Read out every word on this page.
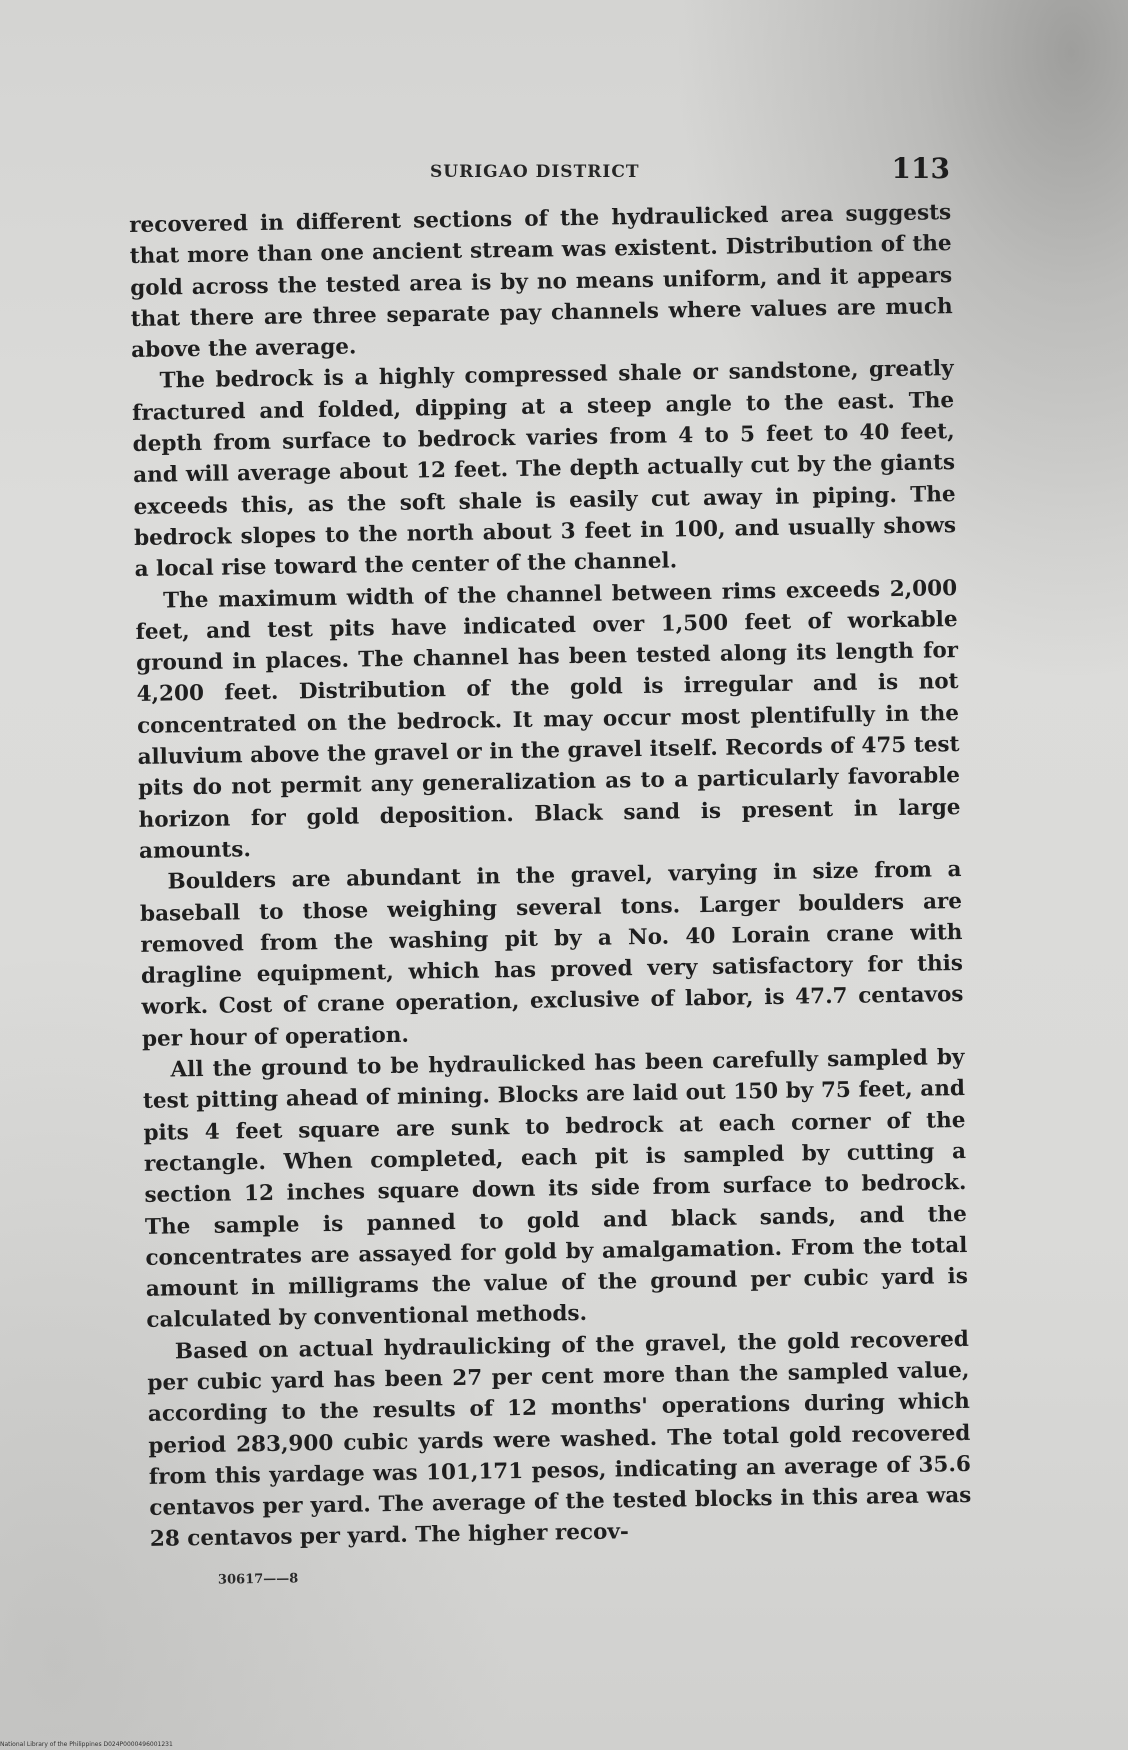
SURIGAO DISTRICT	113

recovered in different sections of the hydraulicked area suggests that more than one ancient stream was existent. Distribution of the gold across the tested area is by no means uniform, and it appears that there are three separate pay channels where values are much above the average.

The bedrock is a highly compressed shale or sandstone, greatly fractured and folded, dipping at a steep angle to the east. The depth from surface to bedrock varies from 4 to 5 feet to 40 feet, and will average about 12 feet. The depth actually cut by the giants exceeds this, as the soft shale is easily cut away in piping. The bedrock slopes to the north about 3 feet in 100, and usually shows a local rise toward the center of the channel.

The maximum width of the channel between rims exceeds 2,000 feet, and test pits have indicated over 1,500 feet of workable ground in places. The channel has been tested along its length for 4,200 feet. Distribution of the gold is irregular and is not concentrated on the bedrock. It may occur most plentifully in the alluvium above the gravel or in the gravel itself. Records of 475 test pits do not permit any generalization as to a particularly favorable horizon for gold deposition. Black sand is present in large amounts.

Boulders are abundant in the gravel, varying in size from a baseball to those weighing several tons. Larger boulders are removed from the washing pit by a No. 40 Lorain crane with dragline equipment, which has proved very satisfactory for this work. Cost of crane operation, exclusive of labor, is 47.7 centavos per hour of operation.

All the ground to be hydraulicked has been carefully sampled by test pitting ahead of mining. Blocks are laid out 150 by 75 feet, and pits 4 feet square are sunk to bedrock at each corner of the rectangle. When completed, each pit is sampled by cutting a section 12 inches square down its side from surface to bedrock. The sample is panned to gold and black sands, and the concentrates are assayed for gold by amalgamation. From the total amount in milligrams the value of the ground per cubic yard is calculated by conventional methods.

Based on actual hydraulicking of the gravel, the gold recovered per cubic yard has been 27 per cent more than the sampled value, according to the results of 12 months' operations during which period 283,900 cubic yards were washed. The total gold recovered from this yardage was 101,171 pesos, indicating an average of 35.6 centavos per yard. The average of the tested blocks in this area was 28 centavos per yard. The higher recov-

30617——8
National Library of the Philippines D024P0000496001231
